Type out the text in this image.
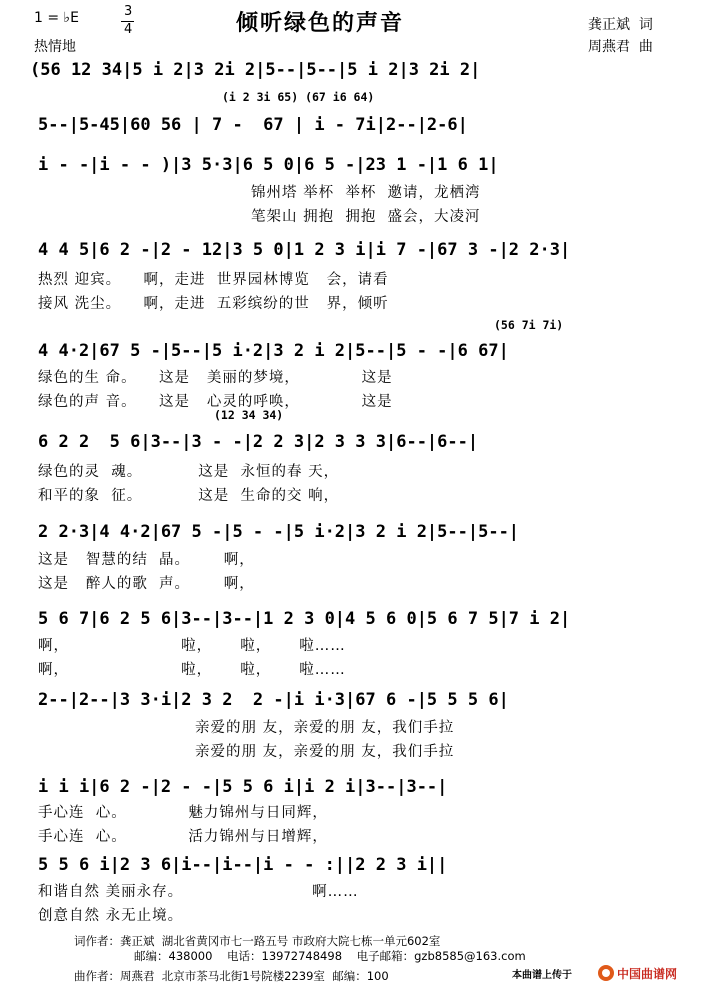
1 = ♭E	3
4
热情地
倾听绿色的声音	龚正斌  词
周燕君  曲
(56 12 34|5 i 2|3 2i 2|5--|5--|5 i 2|3 2i 2|
(i 2 3i 65) (67 i6 64)
5--|5-45|60 56 | 7 -  67 | i - 7i|2--|2-6|
i - -|i - - )|3 5·3|6 5 0|6 5 -|23 1 -|1 6 1|
锦州塔 举杯  举杯  邀请，龙栖湾
笔架山 拥抱  拥抱  盛会，大凌河
4 4 5|6 2 -|2 - 12|3 5 0|1 2 3 i|i 7 -|67 3 -|2 2·3|
热烈 迎宾。    啊，走进  世界园林博览   会，请看
接风 洗尘。    啊，走进  五彩缤纷的世   界，倾听
(56 7i 7i)
4 4·2|67 5 -|5--|5 i·2|3 2 i 2|5--|5 - -|6 67|
绿色的生 命。    这是   美丽的梦境，           这是
绿色的声 音。    这是   心灵的呼唤，           这是
(12 34 34)
6 2 2  5 6|3--|3 - -|2 2 3|2 3 3 3|6--|6--|
绿色的灵  魂。          这是  永恒的春 天，
和平的象  征。          这是  生命的交 响，
2 2·3|4 4·2|67 5 -|5 - -|5 i·2|3 2 i 2|5--|5--|
这是   智慧的结  晶。      啊，
这是   醉人的歌  声。      啊，
5 6 7|6 2 5 6|3--|3--|1 2 3 0|4 5 6 0|5 6 7 5|7 i 2|
啊，                    啦，     啦，     啦……
啊，                    啦，     啦，     啦……
2--|2--|3 3·i|2 3 2  2 -|i i·3|67 6 -|5 5 5 6|
亲爱的朋 友，亲爱的朋 友，我们手拉
亲爱的朋 友，亲爱的朋 友，我们手拉
i i i|6 2 -|2 - -|5 5 6 i|i 2 i|3--|3--|
手心连  心。           魅力锦州与日同辉，
手心连  心。           活力锦州与日增辉，
5 5 6 i|2 3 6|i--|i--|i - - :||2 2 3 i||
和谐自然 美丽永存。                       啊……
创意自然 永无止境。
词作者：龚正斌  湖北省黄冈市七一路五号 市政府大院七栋一单元602室
邮编：438000    电话：13972748498    电子邮箱：gzb8585@163.com
曲作者：周燕君  北京市茶马北街1号院楼2239室  邮编：100	本曲谱上传于	中国曲谱网
